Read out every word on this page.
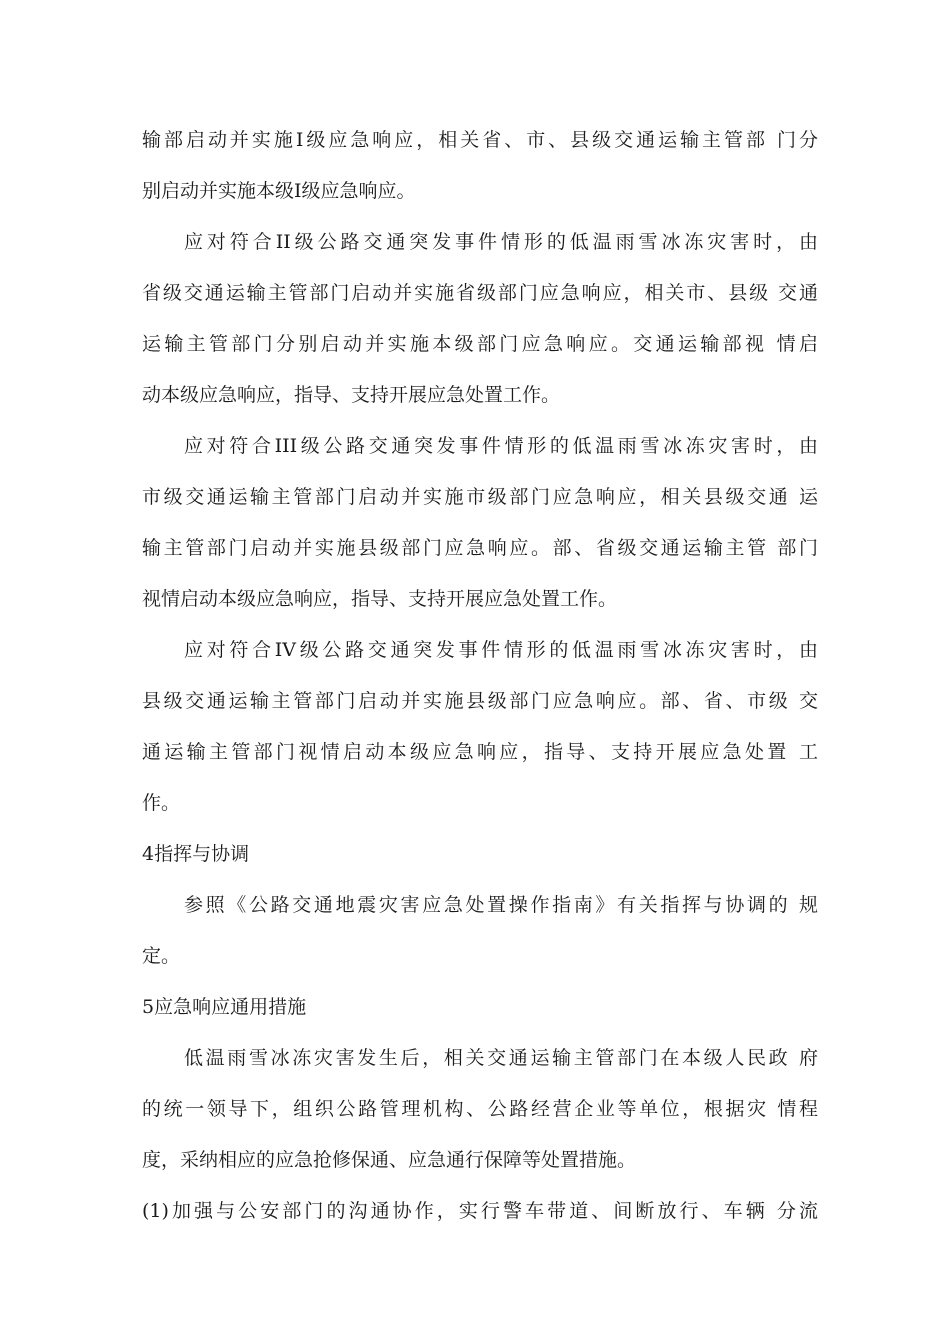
输部启动并实施Ⅰ级应急响应，相关省、市、县级交通运输主管部 门分
别启动并实施本级Ⅰ级应急响应。
应对符合II级公路交通突发事件情形的低温雨雪冰冻灾害时，由
省级交通运输主管部门启动并实施省级部门应急响应，相关市、县级 交通
运输主管部门分别启动并实施本级部门应急响应。交通运输部视 情启
动本级应急响应，指导、支持开展应急处置工作。
应对符合III级公路交通突发事件情形的低温雨雪冰冻灾害时，由
市级交通运输主管部门启动并实施市级部门应急响应，相关县级交通 运
输主管部门启动并实施县级部门应急响应。部、省级交通运输主管 部门
视情启动本级应急响应，指导、支持开展应急处置工作。
应对符合IV级公路交通突发事件情形的低温雨雪冰冻灾害时，由
县级交通运输主管部门启动并实施县级部门应急响应。部、省、市级 交
通运输主管部门视情启动本级应急响应，指导、支持开展应急处置 工
作。
4指挥与协调
参照《公路交通地震灾害应急处置操作指南》有关指挥与协调的 规
定。
5应急响应通用措施
低温雨雪冰冻灾害发生后，相关交通运输主管部门在本级人民政 府
的统一领导下，组织公路管理机构、公路经营企业等单位，根据灾 情程
度，采纳相应的应急抢修保通、应急通行保障等处置措施。
(1)加强与公安部门的沟通协作，实行警车带道、间断放行、车辆 分流
